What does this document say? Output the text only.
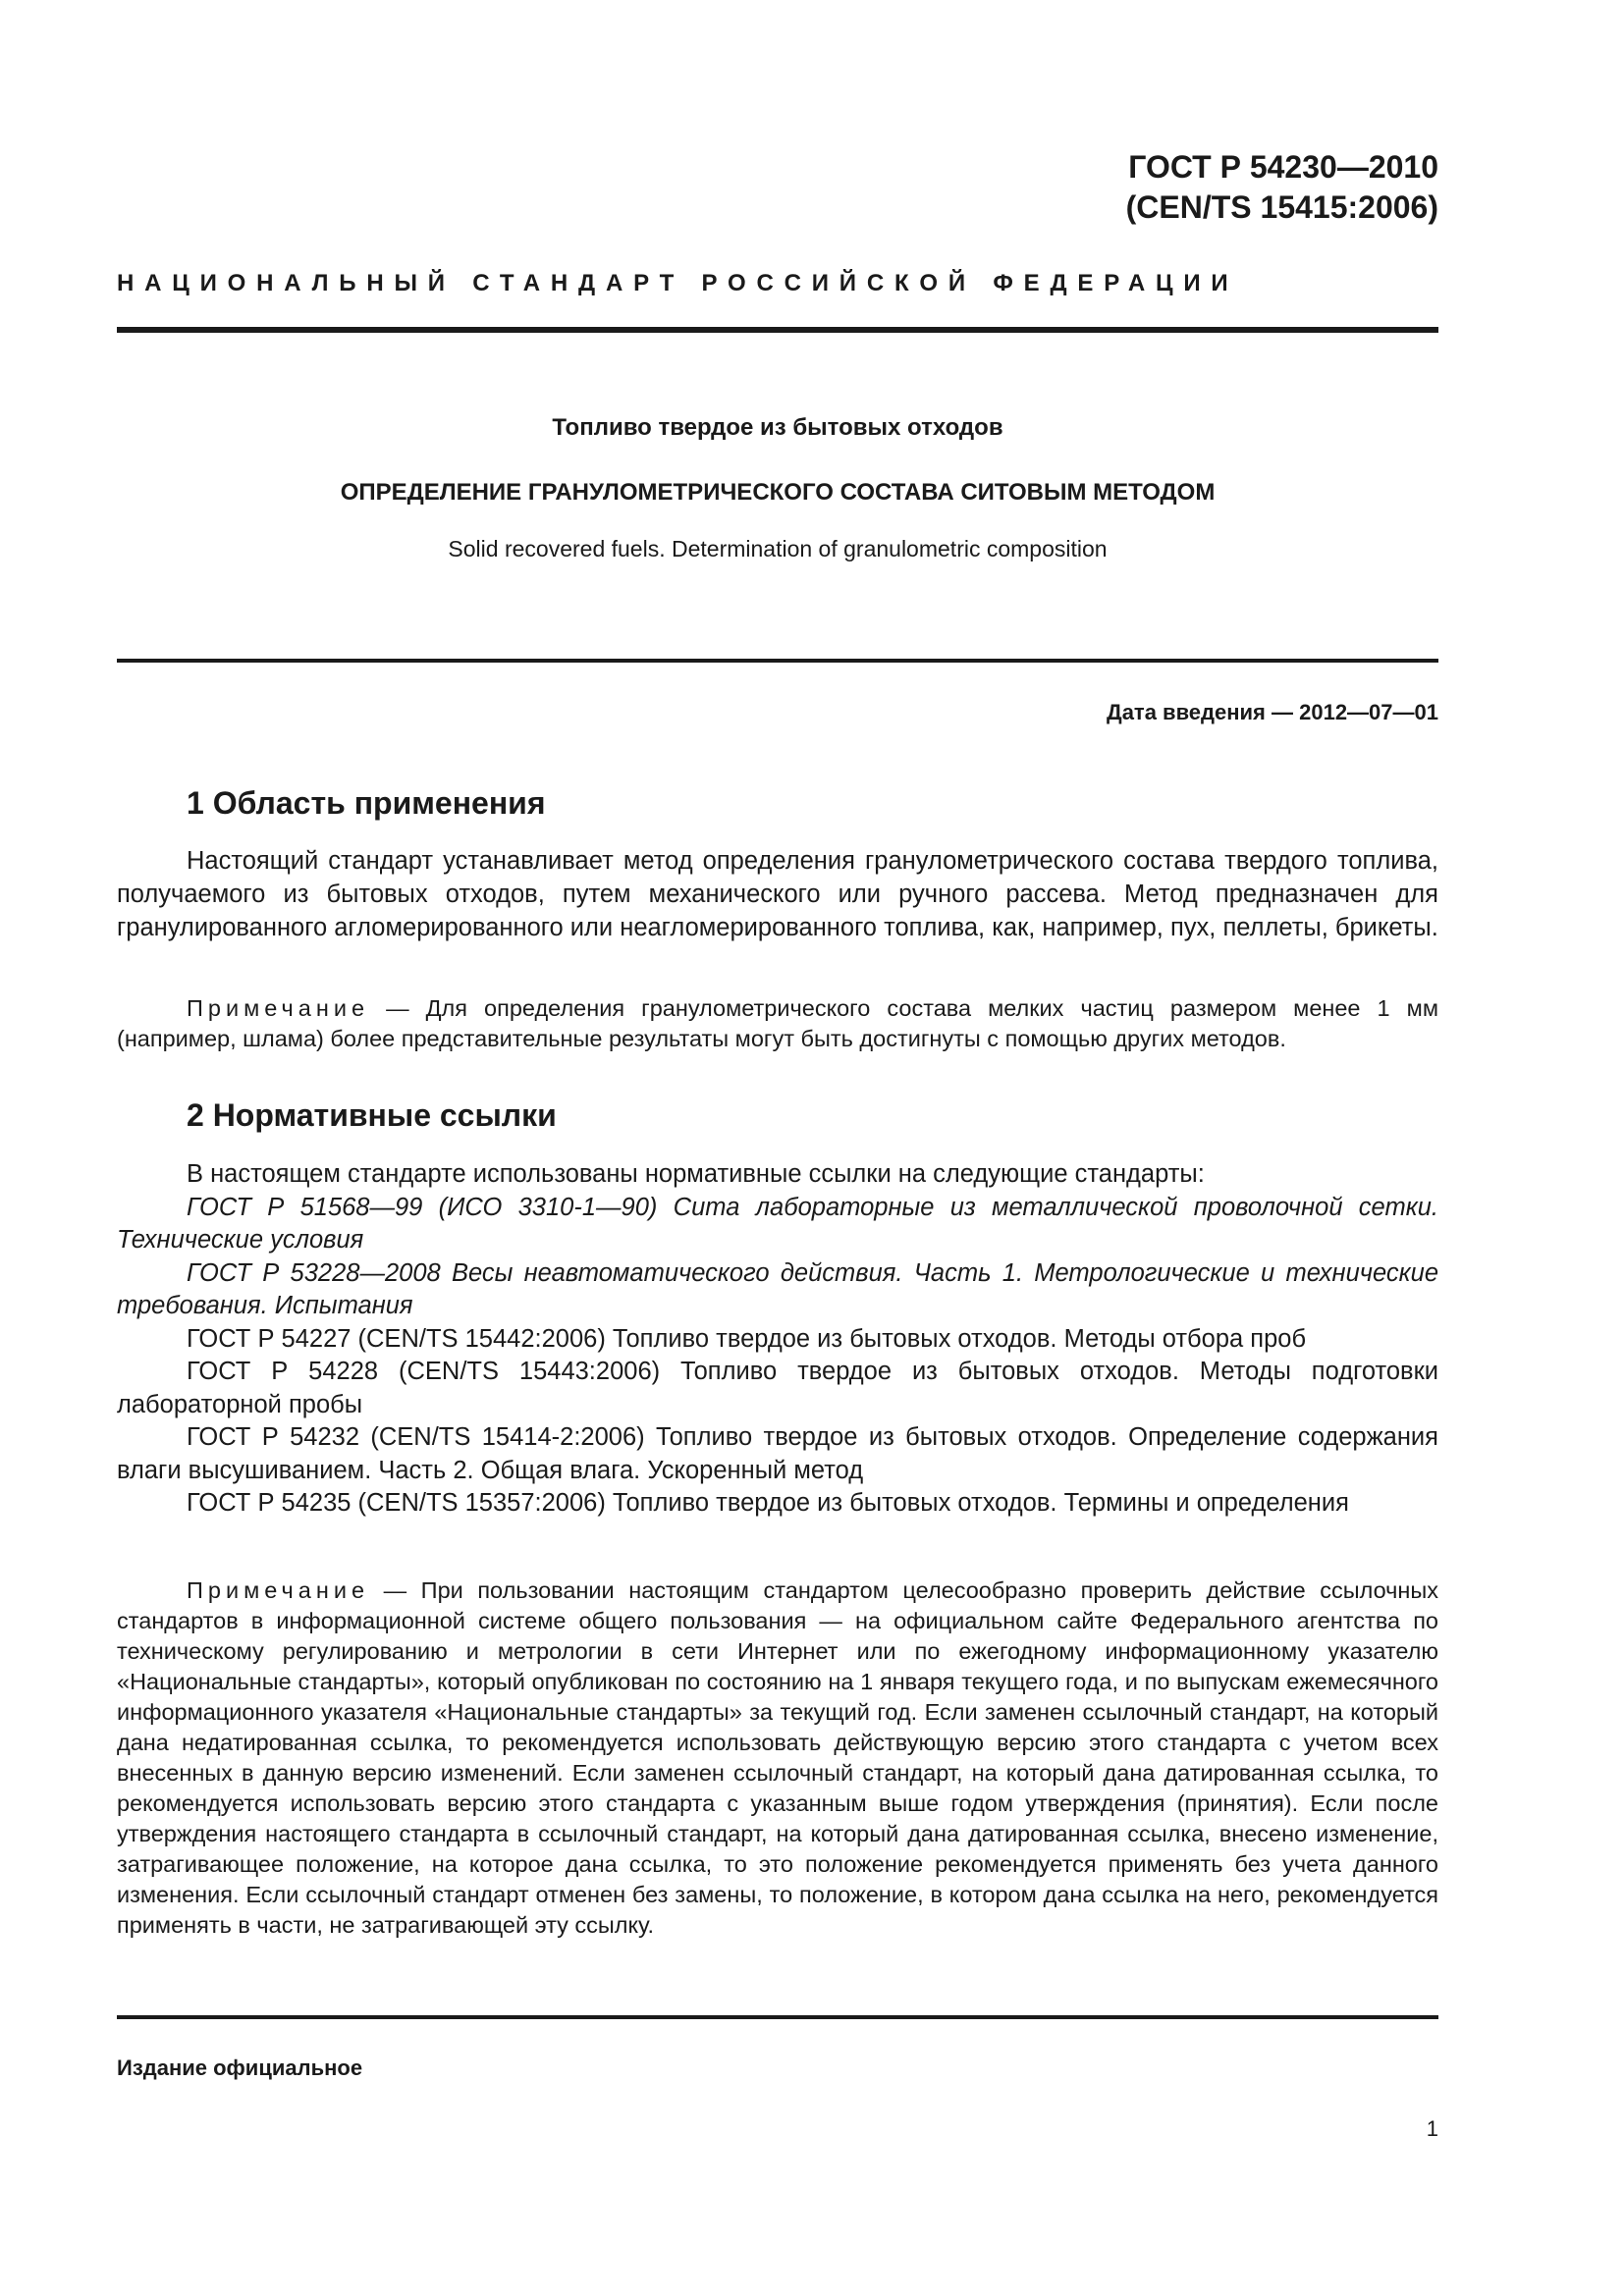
ГОСТ Р 54230—2010
(CEN/TS 15415:2006)
НАЦИОНАЛЬНЫЙ СТАНДАРТ РОССИЙСКОЙ ФЕДЕРАЦИИ
Топливо твердое из бытовых отходов
ОПРЕДЕЛЕНИЕ ГРАНУЛОМЕТРИЧЕСКОГО СОСТАВА СИТОВЫМ МЕТОДОМ
Solid recovered fuels. Determination of granulometric composition
Дата введения — 2012—07—01
1 Область применения
Настоящий стандарт устанавливает метод определения гранулометрического состава твердого топлива, получаемого из бытовых отходов, путем механического или ручного рассева. Метод предназначен для гранулированного агломерированного или неагломерированного топлива, как, например, пух, пеллеты, брикеты.
Примечание — Для определения гранулометрического состава мелких частиц размером менее 1 мм (например, шлама) более представительные результаты могут быть достигнуты с помощью других методов.
2 Нормативные ссылки
В настоящем стандарте использованы нормативные ссылки на следующие стандарты:
ГОСТ Р 51568—99 (ИСО 3310-1—90) Сита лабораторные из металлической проволочной сетки. Технические условия
ГОСТ Р 53228—2008 Весы неавтоматического действия. Часть 1. Метрологические и технические требования. Испытания
ГОСТ Р 54227 (CEN/TS 15442:2006) Топливо твердое из бытовых отходов. Методы отбора проб
ГОСТ Р 54228 (CEN/TS 15443:2006) Топливо твердое из бытовых отходов. Методы подготовки лабораторной пробы
ГОСТ Р 54232 (CEN/TS 15414-2:2006) Топливо твердое из бытовых отходов. Определение содержания влаги высушиванием. Часть 2. Общая влага. Ускоренный метод
ГОСТ Р 54235 (CEN/TS 15357:2006) Топливо твердое из бытовых отходов. Термины и определения
Примечание — При пользовании настоящим стандартом целесообразно проверить действие ссылочных стандартов в информационной системе общего пользования — на официальном сайте Федерального агентства по техническому регулированию и метрологии в сети Интернет или по ежегодному информационному указателю «Национальные стандарты», который опубликован по состоянию на 1 января текущего года, и по выпускам ежемесячного информационного указателя «Национальные стандарты» за текущий год. Если заменен ссылочный стандарт, на который дана недатированная ссылка, то рекомендуется использовать действующую версию этого стандарта с учетом всех внесенных в данную версию изменений. Если заменен ссылочный стандарт, на который дана датированная ссылка, то рекомендуется использовать версию этого стандарта с указанным выше годом утверждения (принятия). Если после утверждения настоящего стандарта в ссылочный стандарт, на который дана датированная ссылка, внесено изменение, затрагивающее положение, на которое дана ссылка, то это положение рекомендуется применять без учета данного изменения. Если ссылочный стандарт отменен без замены, то положение, в котором дана ссылка на него, рекомендуется применять в части, не затрагивающей эту ссылку.
Издание официальное
1
